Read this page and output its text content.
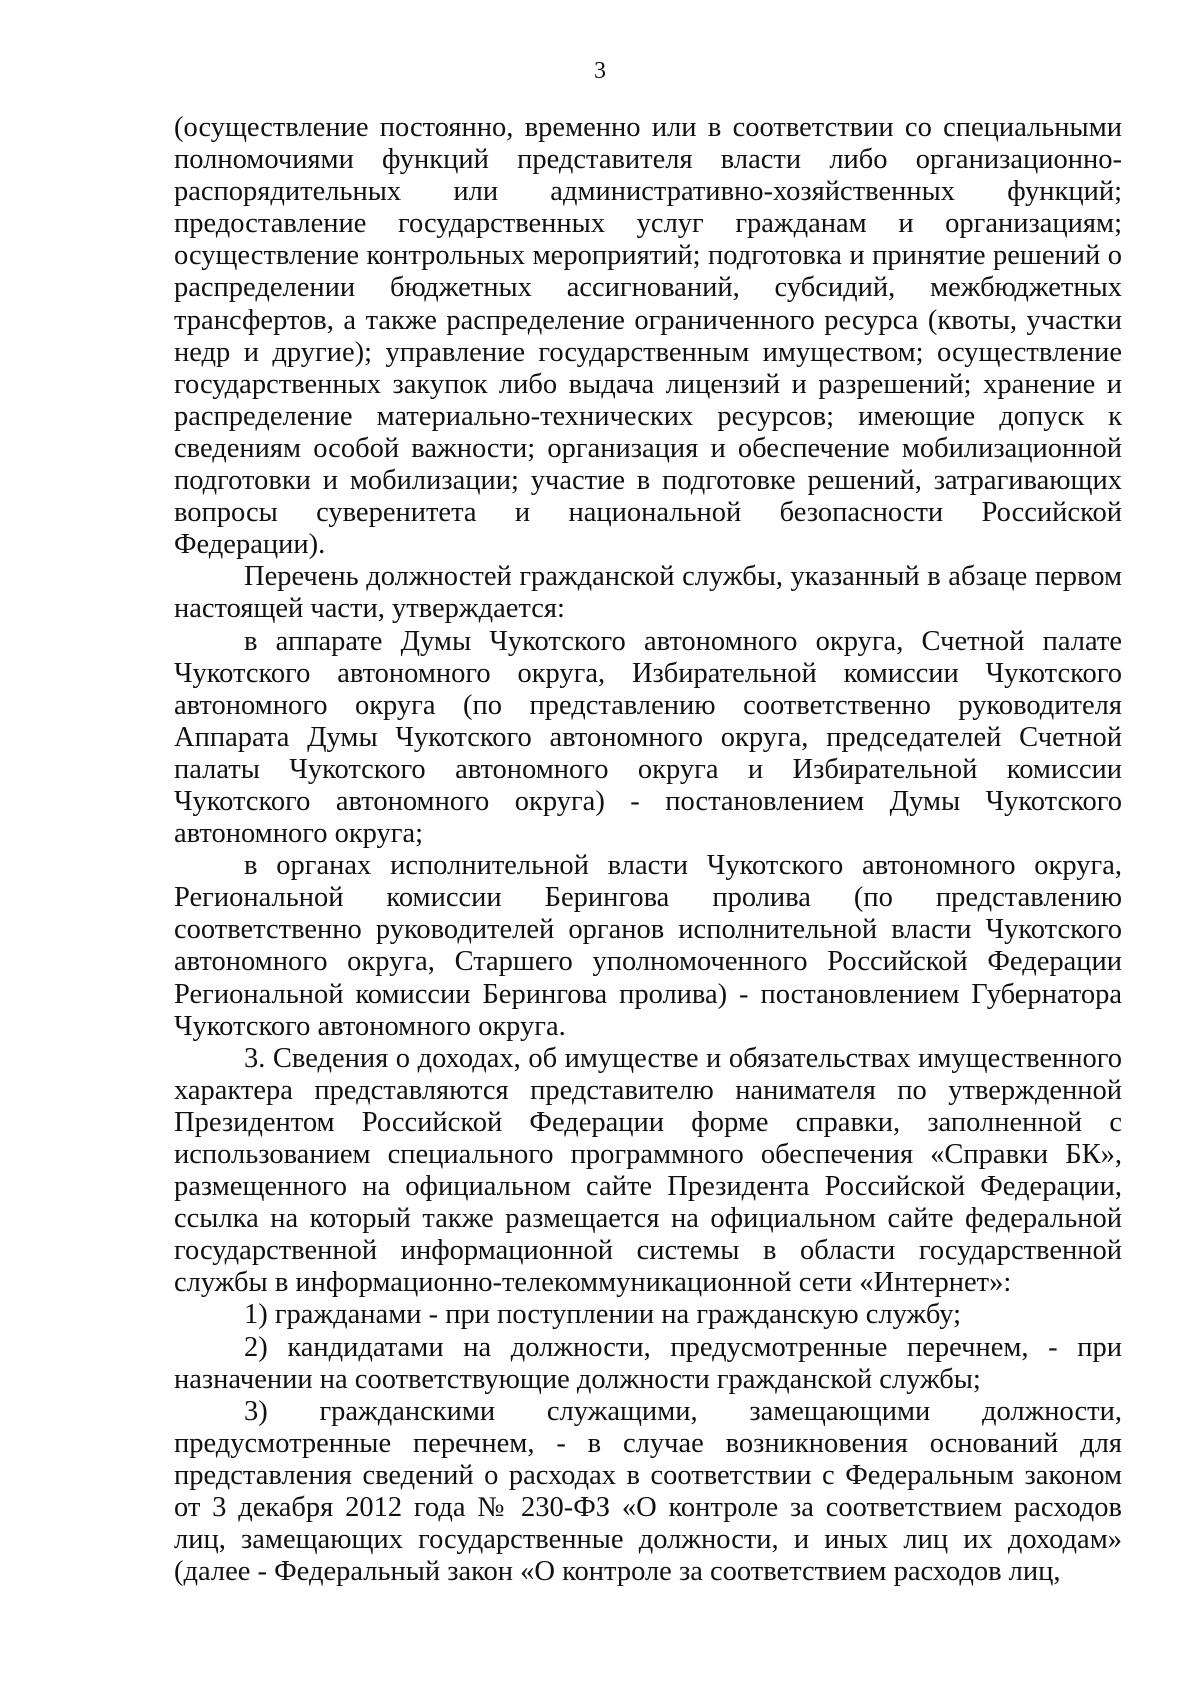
3

(осуществление постоянно, временно или в соответствии со специальными полномочиями функций представителя власти либо организационно-распорядительных или административно-хозяйственных функций; предоставление государственных услуг гражданам и организациям; осуществление контрольных мероприятий; подготовка и принятие решений о распределении бюджетных ассигнований, субсидий, межбюджетных трансфертов, а также распределение ограниченного ресурса (квоты, участки недр и другие); управление государственным имуществом; осуществление государственных закупок либо выдача лицензий и разрешений; хранение и распределение материально-технических ресурсов; имеющие допуск к сведениям особой важности; организация и обеспечение мобилизационной подготовки и мобилизации; участие в подготовке решений, затрагивающих вопросы суверенитета и национальной безопасности Российской Федерации).

Перечень должностей гражданской службы, указанный в абзаце первом настоящей части, утверждается:

в аппарате Думы Чукотского автономного округа, Счетной палате Чукотского автономного округа, Избирательной комиссии Чукотского автономного округа (по представлению соответственно руководителя Аппарата Думы Чукотского автономного округа, председателей Счетной палаты Чукотского автономного округа и Избирательной комиссии Чукотского автономного округа) - постановлением Думы Чукотского автономного округа;

в органах исполнительной власти Чукотского автономного округа, Региональной комиссии Берингова пролива (по представлению соответственно руководителей органов исполнительной власти Чукотского автономного округа, Старшего уполномоченного Российской Федерации Региональной комиссии Берингова пролива) - постановлением Губернатора Чукотского автономного округа.

3. Сведения о доходах, об имуществе и обязательствах имущественного характера представляются представителю нанимателя по утвержденной Президентом Российской Федерации форме справки, заполненной с использованием специального программного обеспечения «Справки БК», размещенного на официальном сайте Президента Российской Федерации, ссылка на который также размещается на официальном сайте федеральной государственной информационной системы в области государственной службы в информационно-телекоммуникационной сети «Интернет»:

1) гражданами - при поступлении на гражданскую службу;

2) кандидатами на должности, предусмотренные перечнем, - при назначении на соответствующие должности гражданской службы;

3) гражданскими служащими, замещающими должности, предусмотренные перечнем, - в случае возникновения оснований для представления сведений о расходах в соответствии с Федеральным законом от 3 декабря 2012 года № 230-ФЗ «О контроле за соответствием расходов лиц, замещающих государственные должности, и иных лиц их доходам» (далее - Федеральный закон «О контроле за соответствием расходов лиц,
